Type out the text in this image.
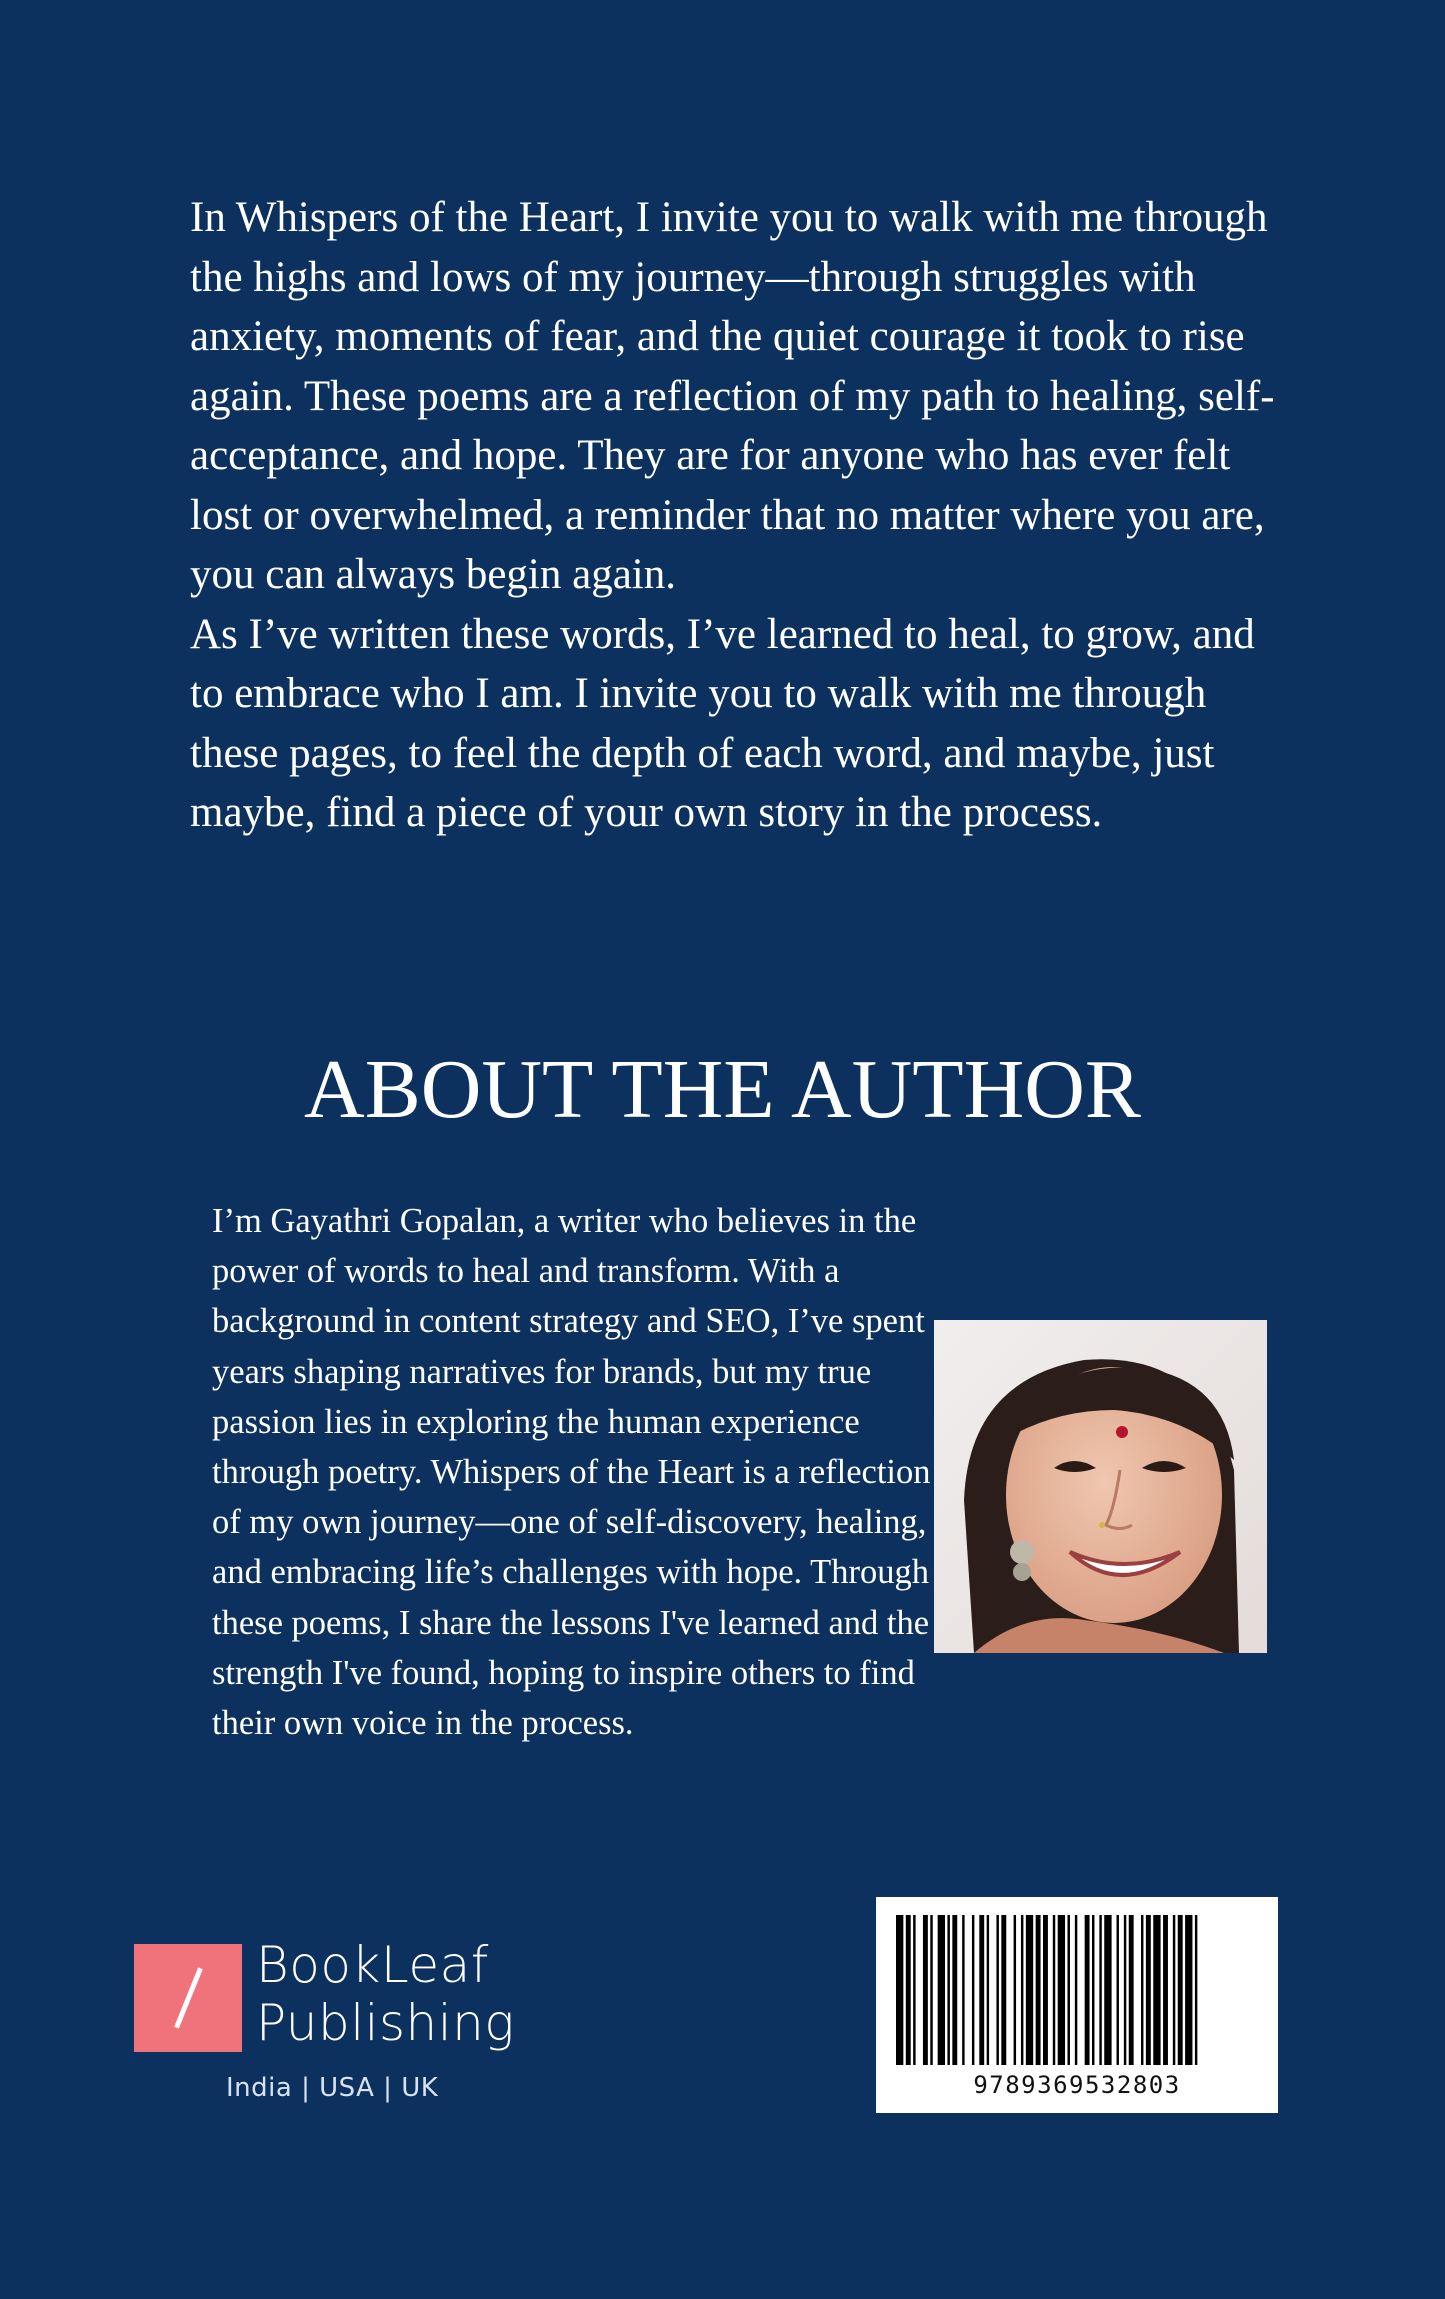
In Whispers of the Heart, I invite you to walk with me through the highs and lows of my journey—through struggles with anxiety, moments of fear, and the quiet courage it took to rise again. These poems are a reflection of my path to healing, self-acceptance, and hope. They are for anyone who has ever felt lost or overwhelmed, a reminder that no matter where you are, you can always begin again.

As I’ve written these words, I’ve learned to heal, to grow, and to embrace who I am. I invite you to walk with me through these pages, to feel the depth of each word, and maybe, just maybe, find a piece of your own story in the process.

ABOUT THE AUTHOR

I’m Gayathri Gopalan, a writer who believes in the power of words to heal and transform. With a background in content strategy and SEO, I’ve spent years shaping narratives for brands, but my true passion lies in exploring the human experience through poetry. Whispers of the Heart is a reflection of my own journey—one of self-discovery, healing, and embracing life’s challenges with hope. Through these poems, I share the lessons I've learned and the strength I've found, hoping to inspire others to find their own voice in the process.

BookLeaf
Publishing
India | USA | UK	9789369532803
